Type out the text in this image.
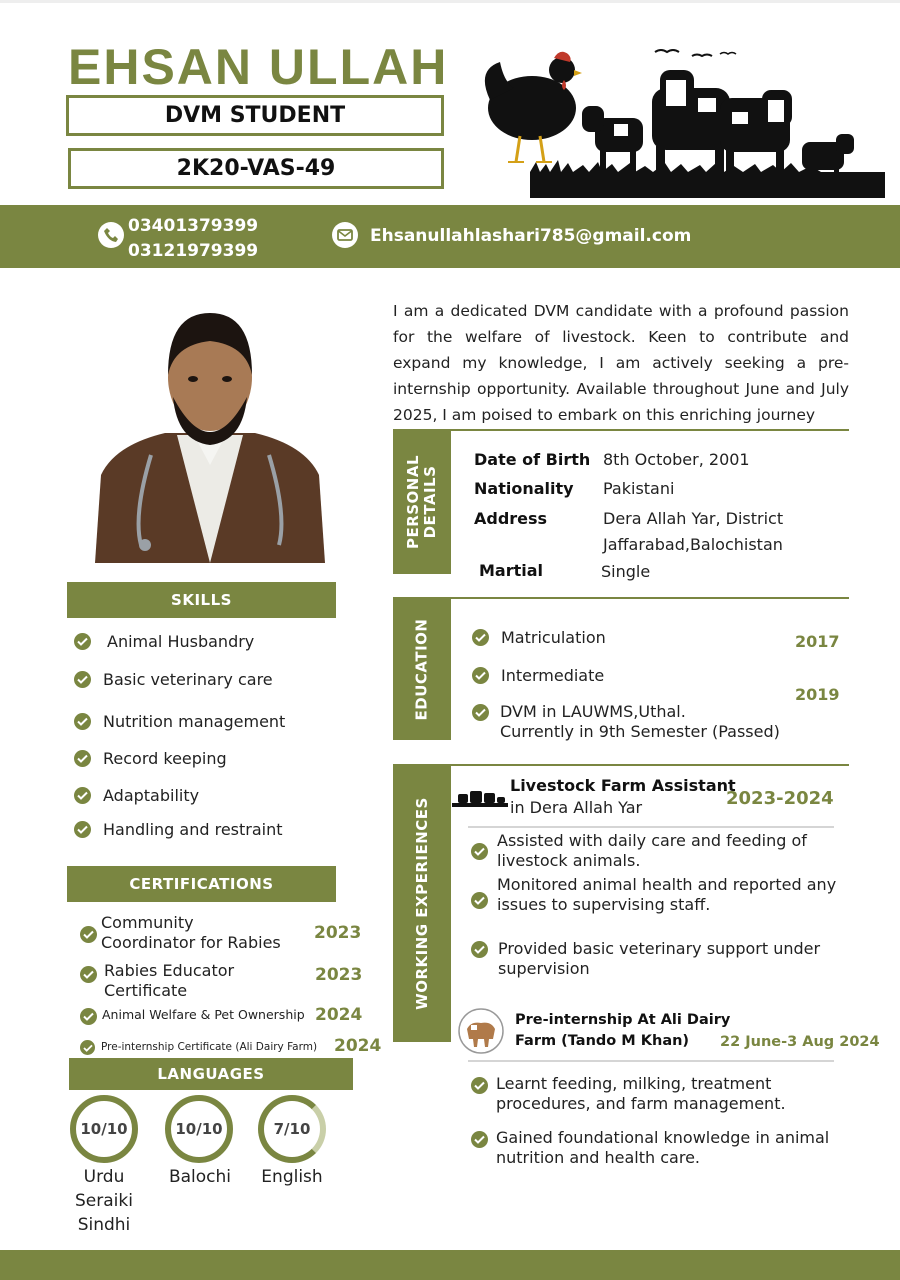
EHSAN ULLAH
DVM STUDENT
2K20-VAS-49
03401379399
03121979399
Ehsanullahlashari785@gmail.com
SKILLS
Animal Husbandry
Basic veterinary care
Nutrition management
Record keeping
Adaptability
Handling and restraint
CERTIFICATIONS
Community
Coordinator for Rabies 2023
Rabies Educator
Certificate
2023
Animal Welfare & Pet Ownership 2024
Pre-internship Certificate (Ali Dairy Farm) 2024
LANGUAGES
10/10
Urdu
Seraiki
Sindhi
10/10
Balochi
7/10
English
I am a dedicated DVM candidate with a profound passion for the welfare of livestock. Keen to contribute and expand my knowledge, I am actively seeking a pre-internship opportunity. Available throughout June and July 2025, I am poised to embark on this enriching journey
PERSONAL DETAILS
Date of Birth 8th October, 2001
Nationality Pakistani
Address	Dera Allah Yar, District
Jaffarabad,Balochistan
Martial	Single
EDUCATION	Matriculation	2017
Intermediate
2019
DVM in LAUWMS,Uthal.
Currently in 9th Semester (Passed)
WORKING EXPERIENCES
Livestock Farm Assistant
in Dera Allah Yar	2023-2024
Assisted with daily care and feeding of
livestock animals.
Monitored animal health and reported any
issues to supervising staff.
Provided basic veterinary support under
supervision
Pre-internship At Ali Dairy
Farm (Tando M Khan)	22 June-3 Aug 2024
Learnt feeding, milking, treatment
procedures, and farm management.
Gained foundational knowledge in animal
nutrition and health care.
